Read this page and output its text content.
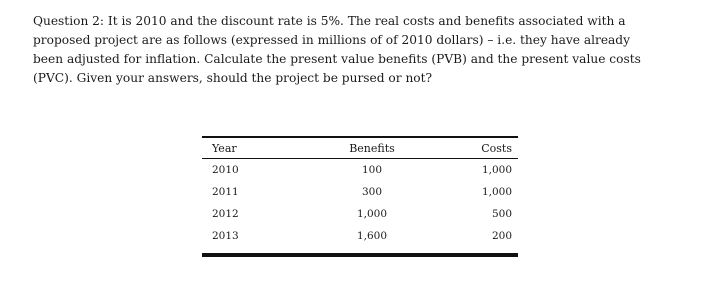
Question 2: It is 2010 and the discount rate is 5%. The real costs and benefits associated with a
proposed project are as follows (expressed in millions of of 2010 dollars) – i.e. they have already
been adjusted for inflation. Calculate the present value benefits (PVB) and the present value costs
(PVC). Given your answers, should the project be pursed or not?

Year	Benefits		Costs
2010	100		1,000
2011	300		1,000
2012	1,000		500
2013	1,600		200
